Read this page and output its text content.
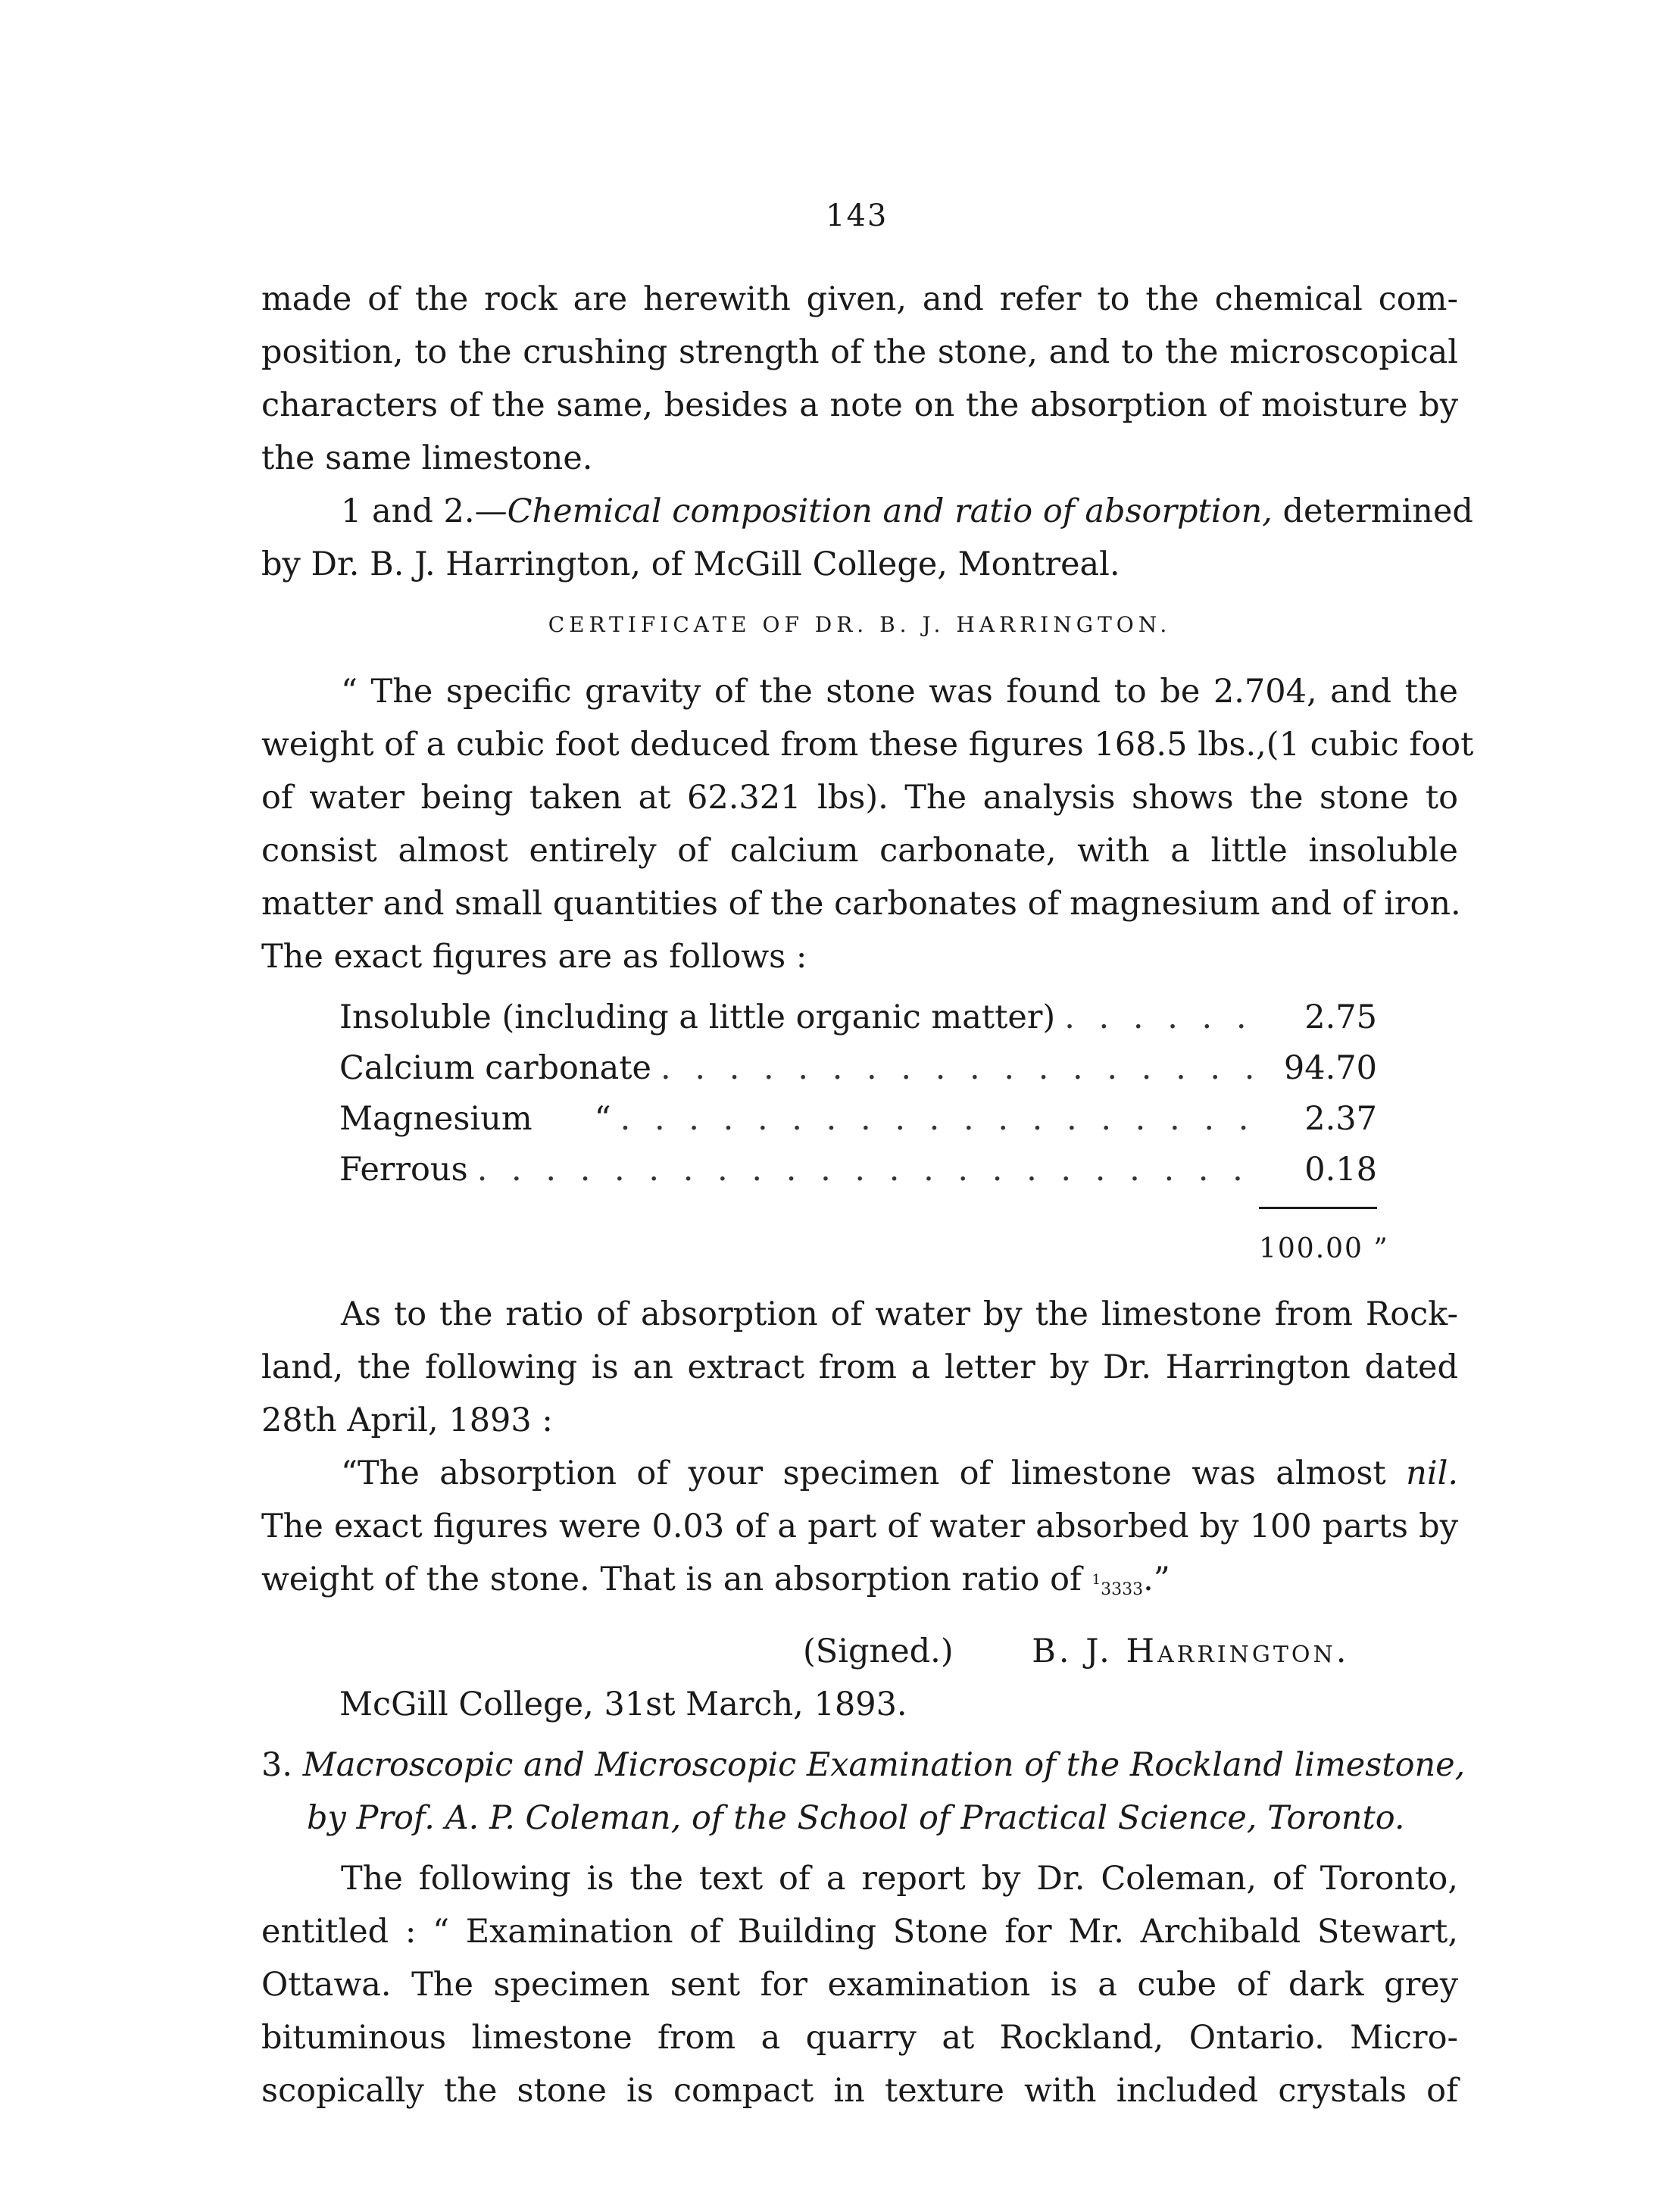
143
made of the rock are herewith given, and refer to the chemical com-
position, to the crushing strength of the stone, and to the microscopical
characters of the same, besides a note on the absorption of moisture by
the same limestone.
1 and 2.—Chemical composition and ratio of absorption, determined
by Dr. B. J. Harrington, of McGill College, Montreal.
CERTIFICATE OF DR. B. J. HARRINGTON.
“ The specific gravity of the stone was found to be 2.704, and the
weight of a cubic foot deduced from these figures 168.5 lbs.,(1 cubic foot
of water being taken at 62.321 lbs). The analysis shows the stone to
consist almost entirely of calcium carbonate, with a little insoluble
matter and small quantities of the carbonates of magnesium and of iron.
The exact figures are as follows :
Insoluble (including a little organic matter) . . .	2.75
Calcium carbonate . . .	94.70
Magnesium      “ . . .	2.37
Ferrous . . .	0.18
100.00 ”
As to the ratio of absorption of water by the limestone from Rock-
land, the following is an extract from a letter by Dr. Harrington dated
28th April, 1893 :
“The absorption of your specimen of limestone was almost nil.
The exact figures were 0.03 of a part of water absorbed by 100 parts by
weight of the stone. That is an absorption ratio of $^1$3333.”
(Signed.) B. J. Harrington.
McGill College, 31st March, 1893.
3. Macroscopic and Microscopic Examination of the Rockland limestone,
by Prof. A. P. Coleman, of the School of Practical Science, Toronto.
The following is the text of a report by Dr. Coleman, of Toronto,
entitled : “ Examination of Building Stone for Mr. Archibald Stewart,
Ottawa. The specimen sent for examination is a cube of dark grey
bituminous limestone from a quarry at Rockland, Ontario. Micro-
scopically the stone is compact in texture with included crystals of
